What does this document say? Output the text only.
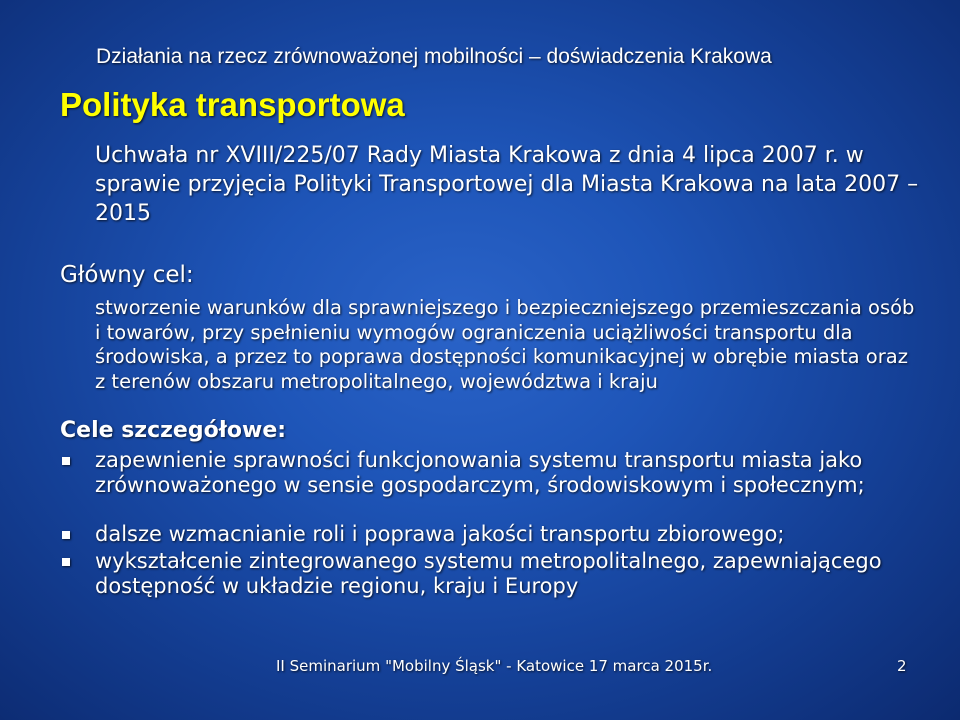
Działania na rzecz zrównoważonej mobilności – doświadczenia Krakowa
Polityka transportowa
Uchwała nr XVIII/225/07 Rady Miasta Krakowa z dnia 4 lipca 2007 r. w sprawie przyjęcia Polityki Transportowej dla Miasta Krakowa na lata 2007 – 2015
Główny cel:
stworzenie warunków dla sprawniejszego i bezpieczniejszego przemieszczania osób i towarów, przy spełnieniu wymogów ograniczenia uciążliwości transportu dla środowiska, a przez to poprawa dostępności komunikacyjnej w obrębie miasta oraz z terenów obszaru metropolitalnego, województwa i kraju
Cele szczegółowe:
zapewnienie sprawności funkcjonowania systemu transportu miasta jako zrównoważonego w sensie gospodarczym, środowiskowym i społecznym;
dalsze wzmacnianie roli i poprawa jakości transportu zbiorowego;
wykształcenie zintegrowanego systemu metropolitalnego, zapewniającego dostępność w układzie regionu, kraju i Europy
II Seminarium "Mobilny Śląsk" - Katowice 17 marca 2015r.	2
